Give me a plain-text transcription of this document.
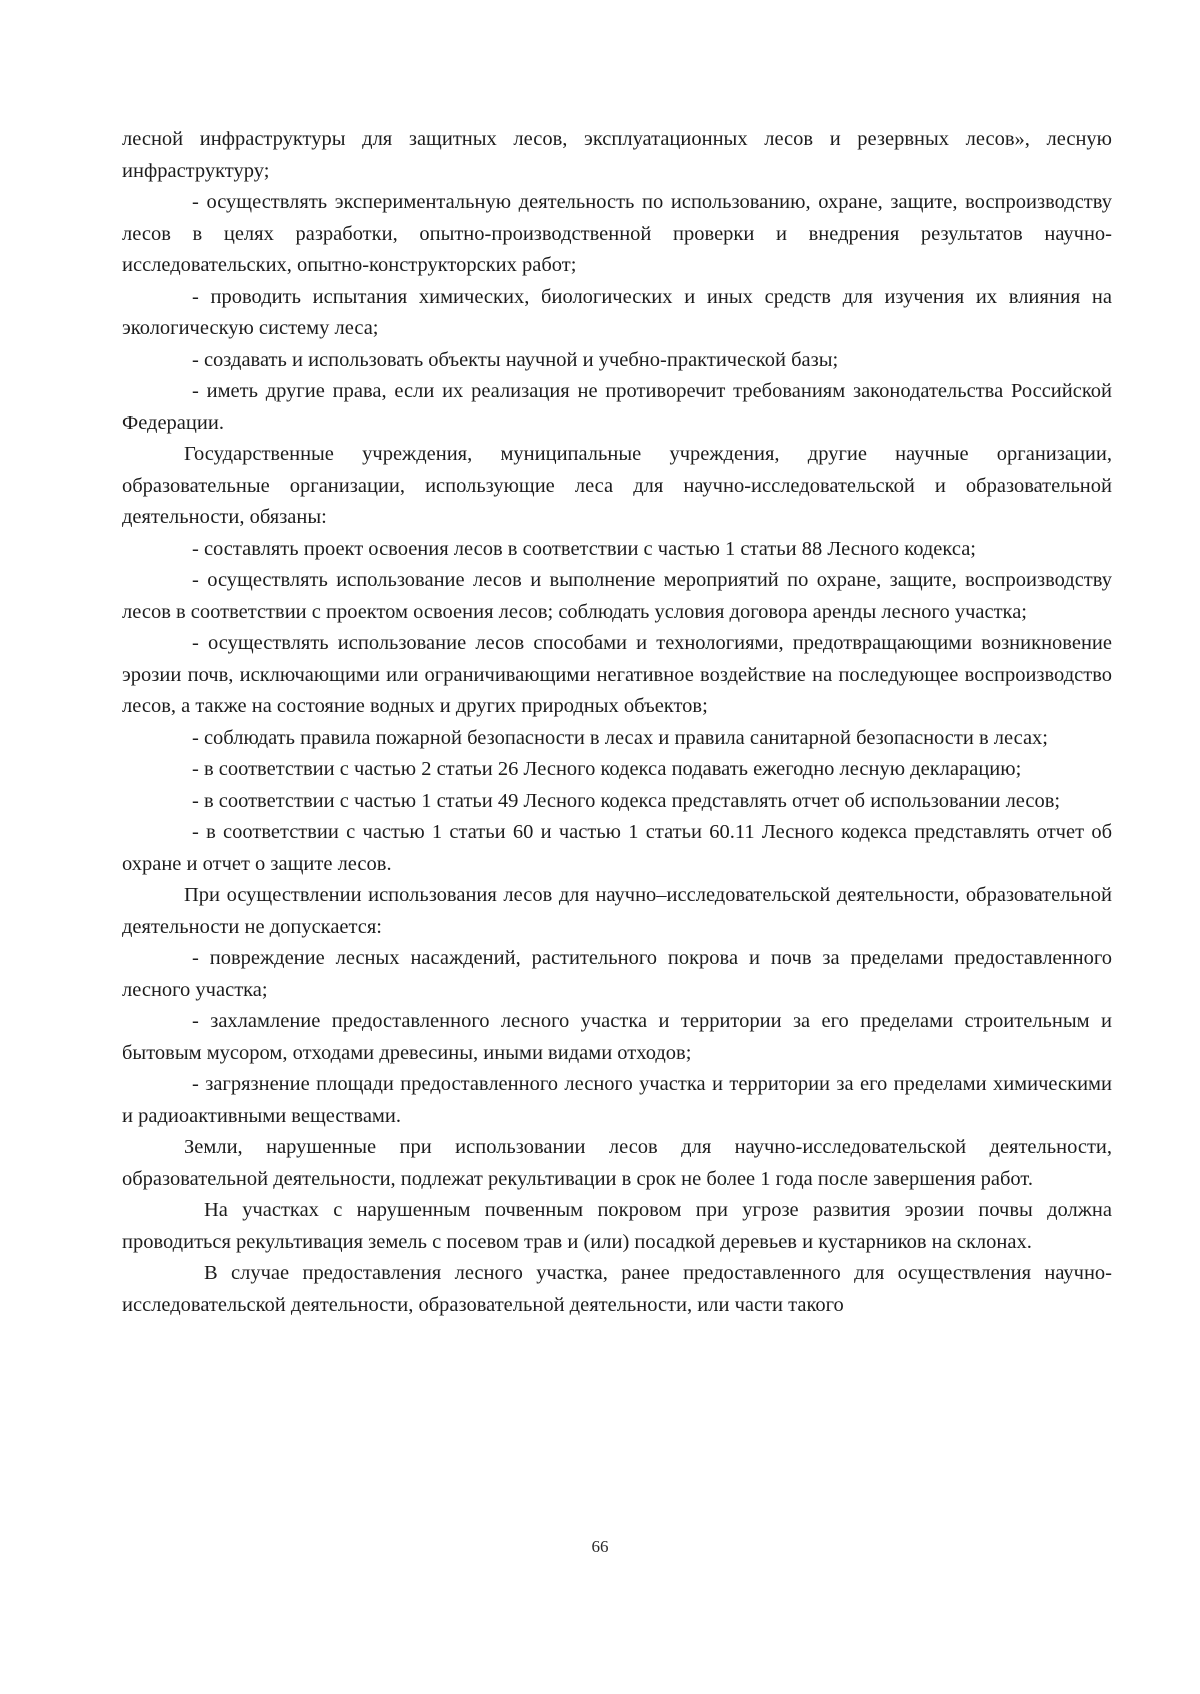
лесной инфраструктуры для защитных лесов, эксплуатационных лесов и резервных лесов», лесную инфраструктуру;

- осуществлять экспериментальную деятельность по использованию, охране, защите, воспроизводству лесов в целях разработки, опытно-производственной проверки и внедрения результатов научно-исследовательских, опытно-конструкторских работ;

- проводить испытания химических, биологических и иных средств для изучения их влияния на экологическую систему леса;

- создавать и использовать объекты научной и учебно-практической базы;

- иметь другие права, если их реализация не противоречит требованиям законодательства Российской Федерации.

Государственные учреждения, муниципальные учреждения, другие научные организации, образовательные организации, использующие леса для научно-исследовательской и образовательной деятельности, обязаны:

- составлять проект освоения лесов в соответствии с частью 1 статьи 88 Лесного кодекса;

- осуществлять использование лесов и выполнение мероприятий по охране, защите, воспроизводству лесов в соответствии с проектом освоения лесов; соблюдать условия договора аренды лесного участка;

- осуществлять использование лесов способами и технологиями, предотвращающими возникновение эрозии почв, исключающими или ограничивающими негативное воздействие на последующее воспроизводство лесов, а также на состояние водных и других природных объектов;

- соблюдать правила пожарной безопасности в лесах и правила санитарной безопасности в лесах;

- в соответствии с частью 2 статьи 26 Лесного кодекса подавать ежегодно лесную декларацию;

- в соответствии с частью 1 статьи 49 Лесного кодекса представлять отчет об использовании лесов;

- в соответствии с частью 1 статьи 60 и частью 1 статьи 60.11 Лесного кодекса представлять отчет об охране и отчет о защите лесов.

При осуществлении использования лесов для научно–исследовательской деятельности, образовательной деятельности не допускается:

- повреждение лесных насаждений, растительного покрова и почв за пределами предоставленного лесного участка;

- захламление предоставленного лесного участка и территории за его пределами строительным и бытовым мусором, отходами древесины, иными видами отходов;

- загрязнение площади предоставленного лесного участка и территории за его пределами химическими и радиоактивными веществами.

Земли, нарушенные при использовании лесов для научно-исследовательской деятельности, образовательной деятельности, подлежат рекультивации в срок не более 1 года после завершения работ.

На участках с нарушенным почвенным покровом при угрозе развития эрозии почвы должна проводиться рекультивация земель с посевом трав и (или) посадкой деревьев и кустарников на склонах.

В случае предоставления лесного участка, ранее предоставленного для осуществления научно-исследовательской деятельности, образовательной деятельности, или части такого

66
